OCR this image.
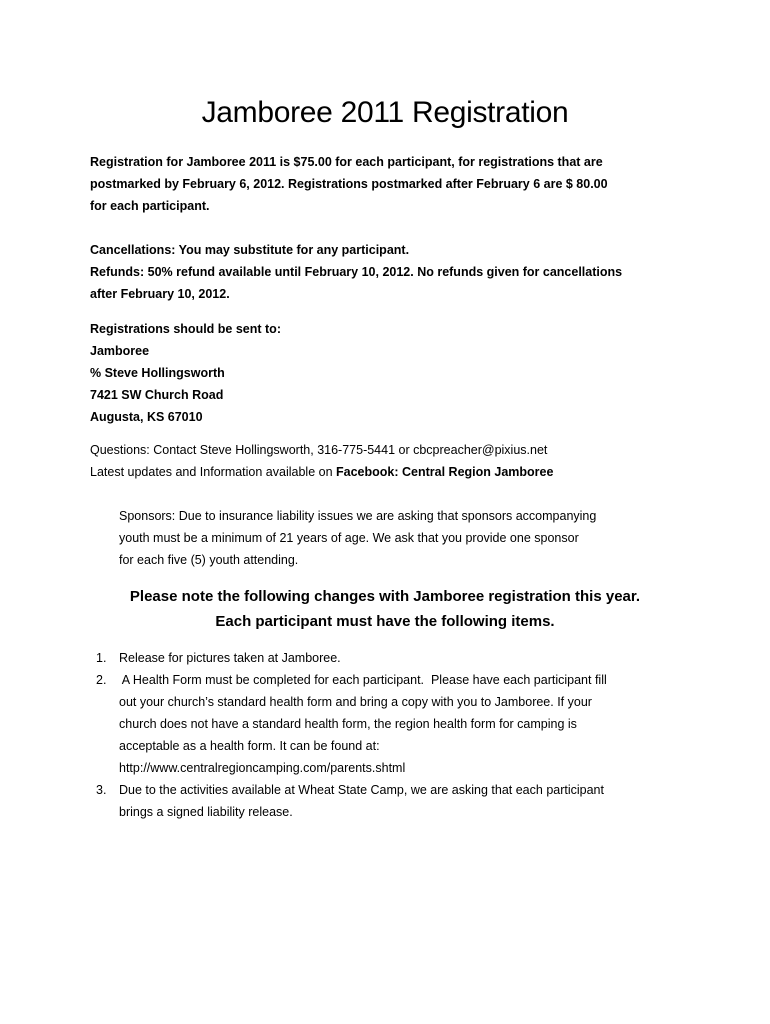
Jamboree 2011 Registration

Registration for Jamboree 2011 is $75.00 for each participant, for registrations that are
postmarked by February 6, 2012. Registrations postmarked after February 6 are $ 80.00
for each participant.

Cancellations: You may substitute for any participant.
Refunds: 50% refund available until February 10, 2012. No refunds given for cancellations
after February 10, 2012.

Registrations should be sent to:
Jamboree
% Steve Hollingsworth
7421 SW Church Road
Augusta, KS 67010

Questions: Contact Steve Hollingsworth, 316-775-5441 or cbcpreacher@pixius.net
Latest updates and Information available on Facebook: Central Region Jamboree

Sponsors: Due to insurance liability issues we are asking that sponsors accompanying
youth must be a minimum of 21 years of age. We ask that you provide one sponsor
for each five (5) youth attending.

Please note the following changes with Jamboree registration this year.
Each participant must have the following items.
1. Release for pictures taken at Jamboree.
2. A Health Form must be completed for each participant.  Please have each participant fill
out your church’s standard health form and bring a copy with you to Jamboree. If your
church does not have a standard health form, the region health form for camping is
acceptable as a health form. It can be found at:
http://www.centralregioncamping.com/parents.shtml
3. Due to the activities available at Wheat State Camp, we are asking that each participant
brings a signed liability release.
